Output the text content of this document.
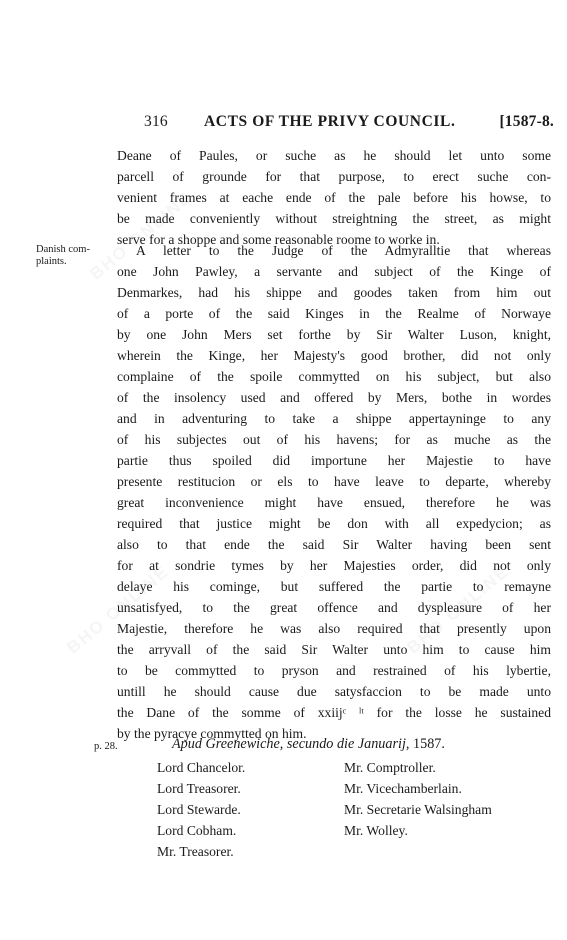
BHO ONLINE
BHO ONLINE	BHO ONLINE
316 ACTS OF THE PRIVY COUNCIL.	[1587-8.
Deane of Paules, or suche as he should let unto some
parcell of grounde for that purpose, to erect suche con-
venient frames at eache ende of the pale before his howse, to
be made conveniently without streightning the street, as might
serve for a shoppe and some reasonable roome to worke in.
Danish com-
plaints.
A letter to the Judge of the Admyralltie that whereas
one John Pawley, a servante and subject of the Kinge of
Denmarkes, had his shippe and goodes taken from him out
of a porte of the said Kinges in the Realme of Norwaye
by one John Mers set forthe by Sir Walter Luson, knight,
wherein the Kinge, her Majesty's good brother, did not only
complaine of the spoile commytted on his subject, but also
of the insolency used and offered by Mers, bothe in wordes
and in adventuring to take a shippe appertayninge to any
of his subjectes out of his havens; for as muche as the
partie thus spoiled did importune her Majestie to have
presente restitucion or els to have leave to departe, whereby
great inconvenience might have ensued, therefore he was
required that justice might be don with all expedycion; as
also to that ende the said Sir Walter having been sent
for at sondrie tymes by her Majesties order, did not only
delaye his cominge, but suffered the partie to remayne
unsatisfyed, to the great offence and dyspleasure of her
Majestie, therefore he was also required that presently upon
the arryvall of the said Sir Walter unto him to cause him
to be commytted to pryson and restrained of his lybertie,
untill he should cause due satysfaccion to be made unto
the Dane of the somme of xxiijᶜ ˡᵗ for the losse he sustained
by the pyracye commytted on him.
p. 28.	Apud Greenewiche, secundo die Januarij, 1587.
Lord Chancelor.
Lord Treasorer.
Lord Stewarde.
Lord Cobham.
Mr. Treasorer.
Mr. Comptroller.
Mr. Vicechamberlain.
Mr. Secretarie Walsingham
Mr. Wolley.
